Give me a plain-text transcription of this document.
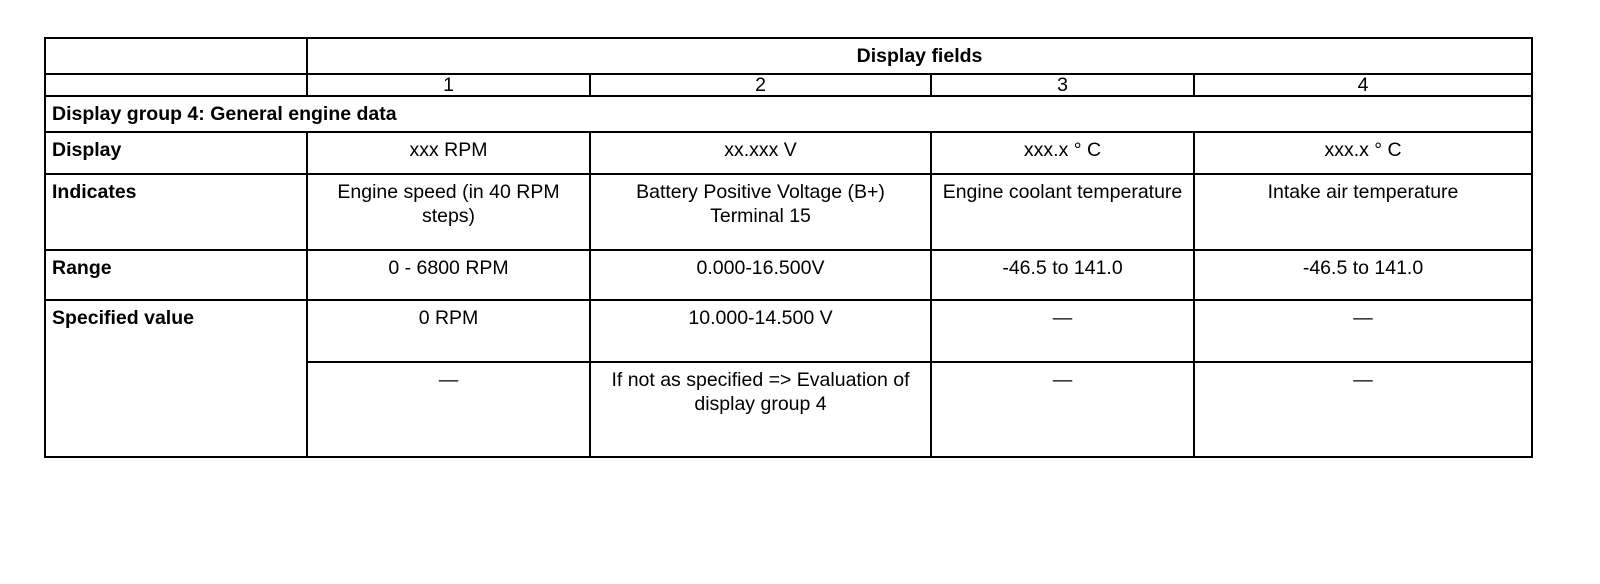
	Display fields			
	1	2	3	4
Display group 4: General engine data				
Display	xxx RPM	xx.xxx V	xxx.x ° C	xxx.x ° C
Indicates	Engine speed (in 40 RPM steps)	Battery Positive Voltage (B+) Terminal 15	Engine coolant temperature	Intake air temperature
Range	0 - 6800 RPM	0.000-16.500V	-46.5 to 141.0	-46.5 to 141.0
Specified value	0 RPM	10.000-14.500 V	—	—
	—	If not as specified => Evaluation of display group 4	—	—
